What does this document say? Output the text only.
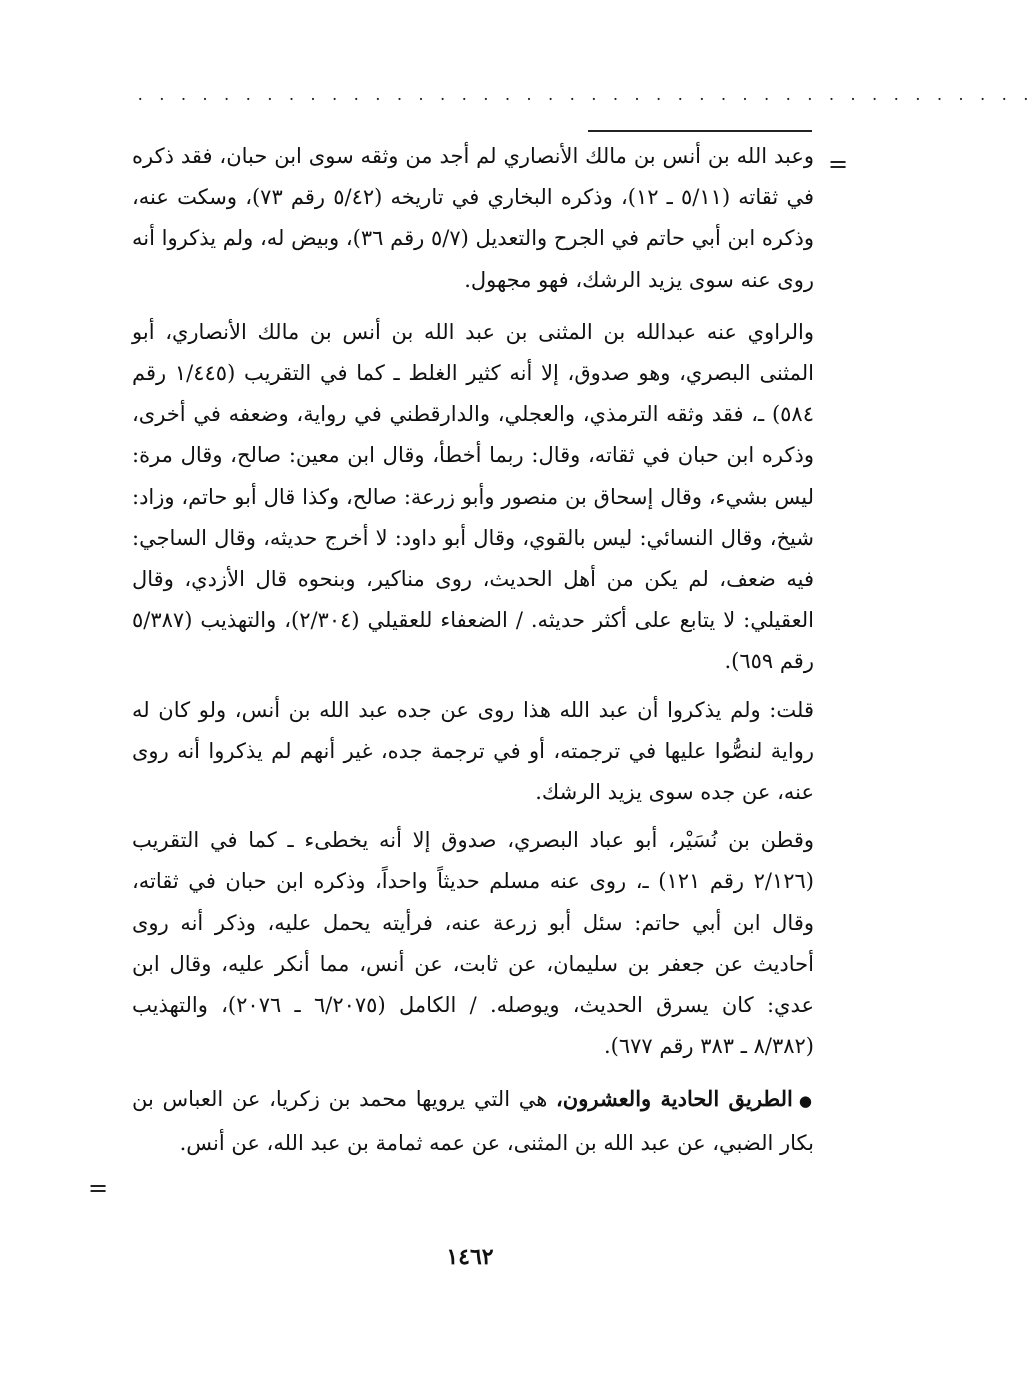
. . . . . . . . . . . . . . . . . . . . . . . . . . . . . . . . . . . . . . . . . .
=

وعبد الله بن أنس بن مالك الأنصاري لم أجد من وثقه سوى ابن حبان، فقد ذكره في ثقاته (٥/١١ ـ ١٢)، وذكره البخاري في تاريخه (٥/٤٢ رقم ٧٣)، وسكت عنه، وذكره ابن أبي حاتم في الجرح والتعديل (٥/٧ رقم ٣٦)، وبيض له، ولم يذكروا أنه روى عنه سوى يزيد الرشك، فهو مجهول.

والراوي عنه عبدالله بن المثنى بن عبد الله بن أنس بن مالك الأنصاري، أبو المثنى البصري، وهو صدوق، إلا أنه كثير الغلط ـ كما في التقريب (١/٤٤٥ رقم ٥٨٤) ـ، فقد وثقه الترمذي، والعجلي، والدارقطني في رواية، وضعفه في أخرى، وذكره ابن حبان في ثقاته، وقال: ربما أخطأ، وقال ابن معين: صالح، وقال مرة: ليس بشيء، وقال إسحاق بن منصور وأبو زرعة: صالح، وكذا قال أبو حاتم، وزاد: شيخ، وقال النسائي: ليس بالقوي، وقال أبو داود: لا أخرج حديثه، وقال الساجي: فيه ضعف، لم يكن من أهل الحديث، روى مناكير، وبنحوه قال الأزدي، وقال العقيلي: لا يتابع على أكثر حديثه. / الضعفاء للعقيلي (٢/٣٠٤)، والتهذيب (٥/٣٨٧ رقم ٦٥٩).

قلت: ولم يذكروا أن عبد الله هذا روى عن جده عبد الله بن أنس، ولو كان له رواية لنصُّوا عليها في ترجمته، أو في ترجمة جده، غير أنهم لم يذكروا أنه روى عنه، عن جده سوى يزيد الرشك.

وقطن بن نُسَيْر، أبو عباد البصري، صدوق إلا أنه يخطىء ـ كما في التقريب (٢/١٢٦ رقم ١٢١) ـ، روى عنه مسلم حديثاً واحداً، وذكره ابن حبان في ثقاته، وقال ابن أبي حاتم: سئل أبو زرعة عنه، فرأيته يحمل عليه، وذكر أنه روى أحاديث عن جعفر بن سليمان، عن ثابت، عن أنس، مما أنكر عليه، وقال ابن عدي: كان يسرق الحديث، ويوصله. / الكامل (٦/٢٠٧٥ ـ ٢٠٧٦)، والتهذيب (٨/٣٨٢ ـ ٣٨٣ رقم ٦٧٧).

●الطريق الحادية والعشرون، هي التي يرويها محمد بن زكريا، عن العباس بن بكار الضبي، عن عبد الله بن المثنى، عن عمه ثمامة بن عبد الله، عن أنس.

=
١٤٦٢
